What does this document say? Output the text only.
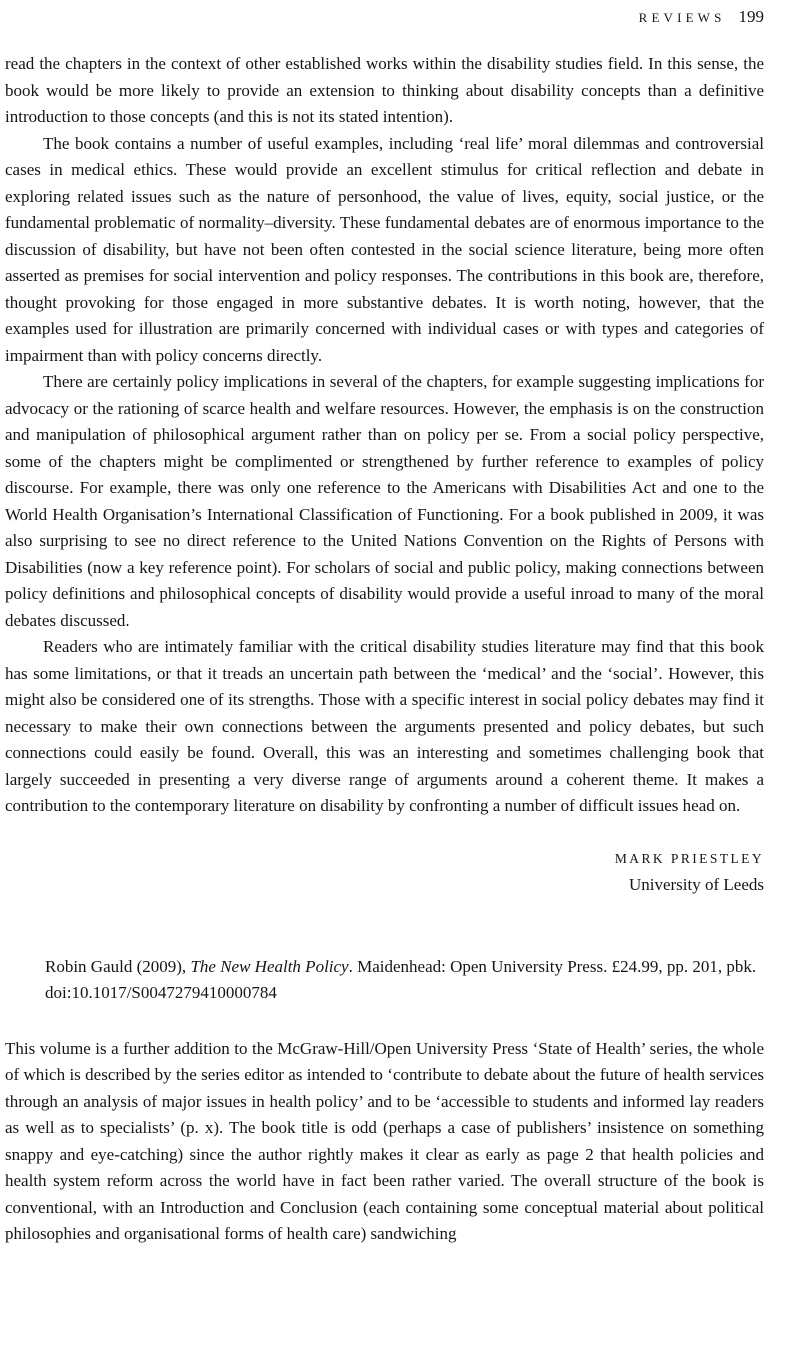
REVIEWS 199

read the chapters in the context of other established works within the disability studies field. In this sense, the book would be more likely to provide an extension to thinking about disability concepts than a definitive introduction to those concepts (and this is not its stated intention).

The book contains a number of useful examples, including ‘real life’ moral dilemmas and controversial cases in medical ethics. These would provide an excellent stimulus for critical reflection and debate in exploring related issues such as the nature of personhood, the value of lives, equity, social justice, or the fundamental problematic of normality–diversity. These fundamental debates are of enormous importance to the discussion of disability, but have not been often contested in the social science literature, being more often asserted as premises for social intervention and policy responses. The contributions in this book are, therefore, thought provoking for those engaged in more substantive debates. It is worth noting, however, that the examples used for illustration are primarily concerned with individual cases or with types and categories of impairment than with policy concerns directly.

There are certainly policy implications in several of the chapters, for example suggesting implications for advocacy or the rationing of scarce health and welfare resources. However, the emphasis is on the construction and manipulation of philosophical argument rather than on policy per se. From a social policy perspective, some of the chapters might be complimented or strengthened by further reference to examples of policy discourse. For example, there was only one reference to the Americans with Disabilities Act and one to the World Health Organisation’s International Classification of Functioning. For a book published in 2009, it was also surprising to see no direct reference to the United Nations Convention on the Rights of Persons with Disabilities (now a key reference point). For scholars of social and public policy, making connections between policy definitions and philosophical concepts of disability would provide a useful inroad to many of the moral debates discussed.

Readers who are intimately familiar with the critical disability studies literature may find that this book has some limitations, or that it treads an uncertain path between the ‘medical’ and the ‘social’. However, this might also be considered one of its strengths. Those with a specific interest in social policy debates may find it necessary to make their own connections between the arguments presented and policy debates, but such connections could easily be found. Overall, this was an interesting and sometimes challenging book that largely succeeded in presenting a very diverse range of arguments around a coherent theme. It makes a contribution to the contemporary literature on disability by confronting a number of difficult issues head on.

MARK PRIESTLEY
University of Leeds

Robin Gauld (2009), The New Health Policy. Maidenhead: Open University Press. £24.99, pp. 201, pbk.

doi:10.1017/S0047279410000784

This volume is a further addition to the McGraw-Hill/Open University Press ‘State of Health’ series, the whole of which is described by the series editor as intended to ‘contribute to debate about the future of health services through an analysis of major issues in health policy’ and to be ‘accessible to students and informed lay readers as well as to specialists’ (p. x). The book title is odd (perhaps a case of publishers’ insistence on something snappy and eye-catching) since the author rightly makes it clear as early as page 2 that health policies and health system reform across the world have in fact been rather varied. The overall structure of the book is conventional, with an Introduction and Conclusion (each containing some conceptual material about political philosophies and organisational forms of health care) sandwiching
